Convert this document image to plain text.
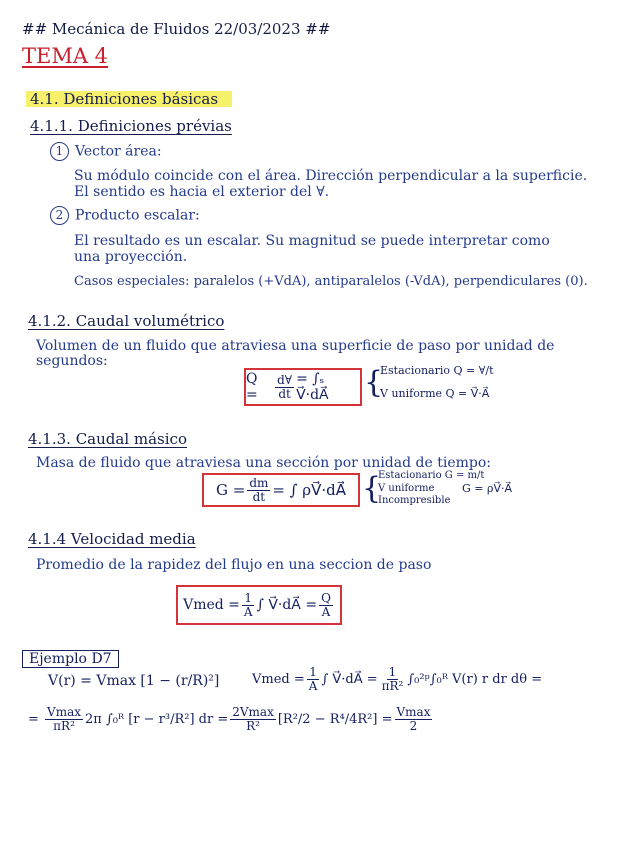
## Mecánica de Fluidos 22/03/2023 ##
TEMA 4
4.1. Definiciones básicas
4.1.1. Definiciones prévias
1 Vector área:
Su módulo coincide con el área. Dirección perpendicular a la superficie.
El sentido es hacia el exterior del ∀.
2 Producto escalar:
El resultado es un escalar. Su magnitud se puede interpretar como
una proyección.
Casos especiales: paralelos (+VdA), antiparalelos (-VdA), perpendiculares (0).
4.1.2. Caudal volumétrico
Volumen de un fluido que atraviesa una superficie de paso por unidad de
segundos:
Q =	$\frac{d\forall}{dt} = \int_s$ V⃗·dA⃗	{
Estacionario Q = ∀/t
V uniforme Q = V⃗·A⃗
4.1.3. Caudal másico
Masa de fluido que atraviesa una sección por unidad de tiempo:
$G = \frac{dm}{dt}$ = ∫ ρV⃗·dA⃗ {
Estacionario G = m/t
V uniforme
Incompresible
G = ρV⃗·A⃗
4.1.4 Velocidad media
Promedio de la rapidez del flujo en una seccion de paso
Vmed = $\frac{1}{A}$ ∫ V⃗·dA⃗ = $\frac{Q}{A}$
Ejemplo D7
V(r) = Vmax [1 − (r/R)²]	Vmed = $\frac{1}{A}$ ∫ V⃗·dA⃗ = $\frac{1}{\text{πR²}}$ ∫₀²ᵖ∫₀ᴿ V(r) r dr dθ =
= $\frac{Vmax}{\text{πR²}} 2\pi$ ∫₀ᴿ [r − r³/R²] dr = $\frac{2Vmax}{\text{R²}} [R^2/2 - R^4/4R^2] = \frac{Vmax}{2}$
